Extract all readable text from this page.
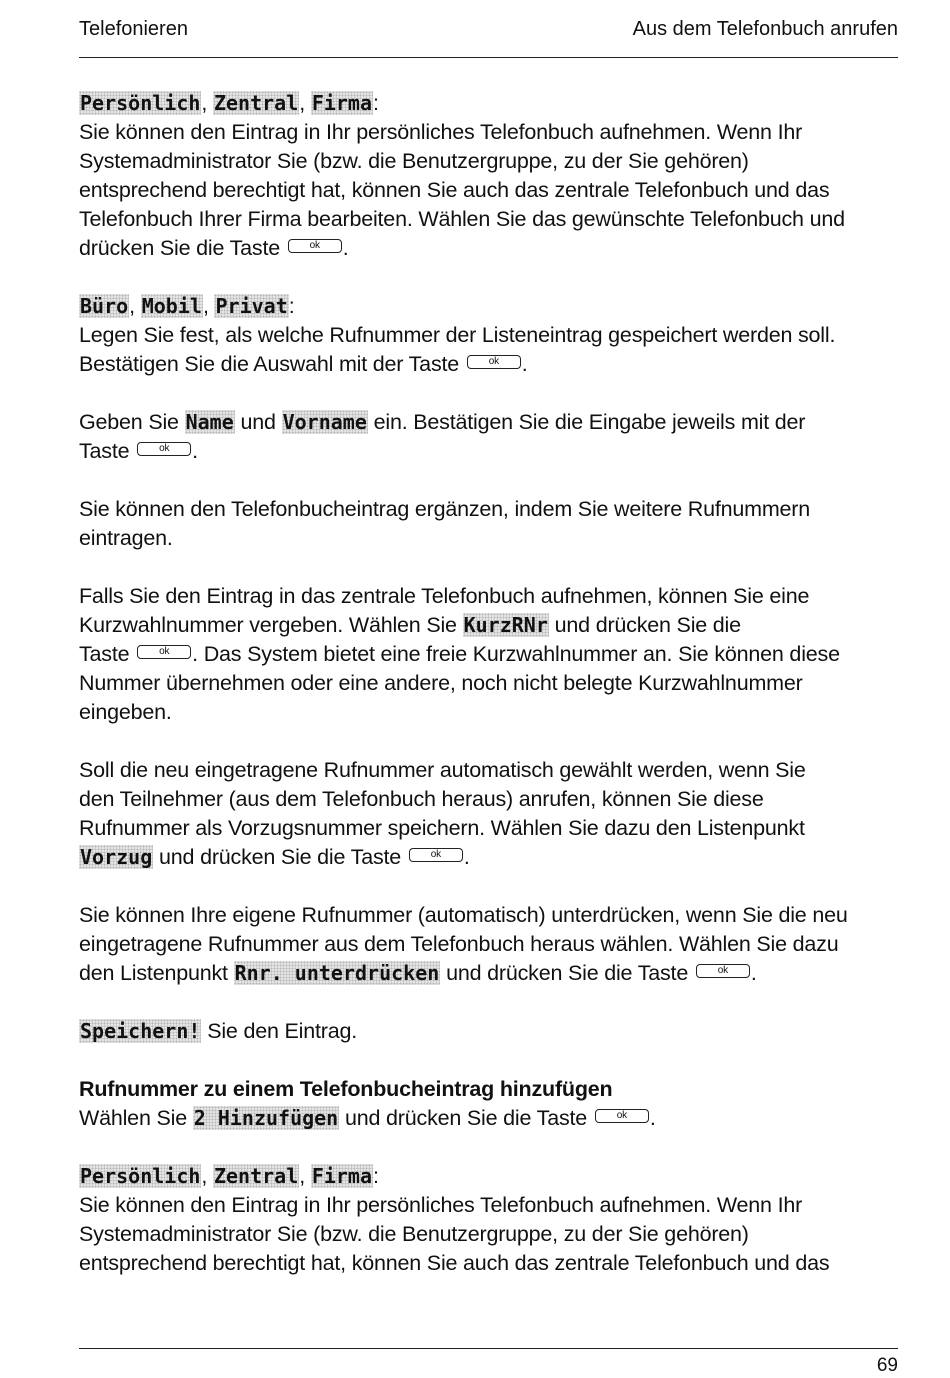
Telefonieren	Aus dem Telefonbuch anrufen
Persönlich, Zentral, Firma:
Sie können den Eintrag in Ihr persönliches Telefonbuch aufnehmen. Wenn Ihr
Systemadministrator Sie (bzw. die Benutzergruppe, zu der Sie gehören)
entsprechend berechtigt hat, können Sie auch das zentrale Telefonbuch und das
Telefonbuch Ihrer Firma bearbeiten. Wählen Sie das gewünschte Telefonbuch und
drücken Sie die Taste ok .
Büro, Mobil, Privat:
Legen Sie fest, als welche Rufnummer der Listeneintrag gespeichert werden soll.
Bestätigen Sie die Auswahl mit der Taste ok .
Geben Sie Name und Vorname ein. Bestätigen Sie die Eingabe jeweils mit der
Taste ok .
Sie können den Telefonbucheintrag ergänzen, indem Sie weitere Rufnummern
eintragen.
Falls Sie den Eintrag in das zentrale Telefonbuch aufnehmen, können Sie eine
Kurzwahlnummer vergeben. Wählen Sie KurzRNr und drücken Sie die
Taste ok . Das System bietet eine freie Kurzwahlnummer an. Sie können diese
Nummer übernehmen oder eine andere, noch nicht belegte Kurzwahlnummer
eingeben.
Soll die neu eingetragene Rufnummer automatisch gewählt werden, wenn Sie
den Teilnehmer (aus dem Telefonbuch heraus) anrufen, können Sie diese
Rufnummer als Vorzugsnummer speichern. Wählen Sie dazu den Listenpunkt
Vorzug und drücken Sie die Taste ok .
Sie können Ihre eigene Rufnummer (automatisch) unterdrücken, wenn Sie die neu
eingetragene Rufnummer aus dem Telefonbuch heraus wählen. Wählen Sie dazu
den Listenpunkt Rnr. unterdrücken und drücken Sie die Taste ok .
Speichern! Sie den Eintrag.
Rufnummer zu einem Telefonbucheintrag hinzufügen
Wählen Sie 2 Hinzufügen und drücken Sie die Taste ok .
Persönlich, Zentral, Firma:
Sie können den Eintrag in Ihr persönliches Telefonbuch aufnehmen. Wenn Ihr
Systemadministrator Sie (bzw. die Benutzergruppe, zu der Sie gehören)
entsprechend berechtigt hat, können Sie auch das zentrale Telefonbuch und das
69
